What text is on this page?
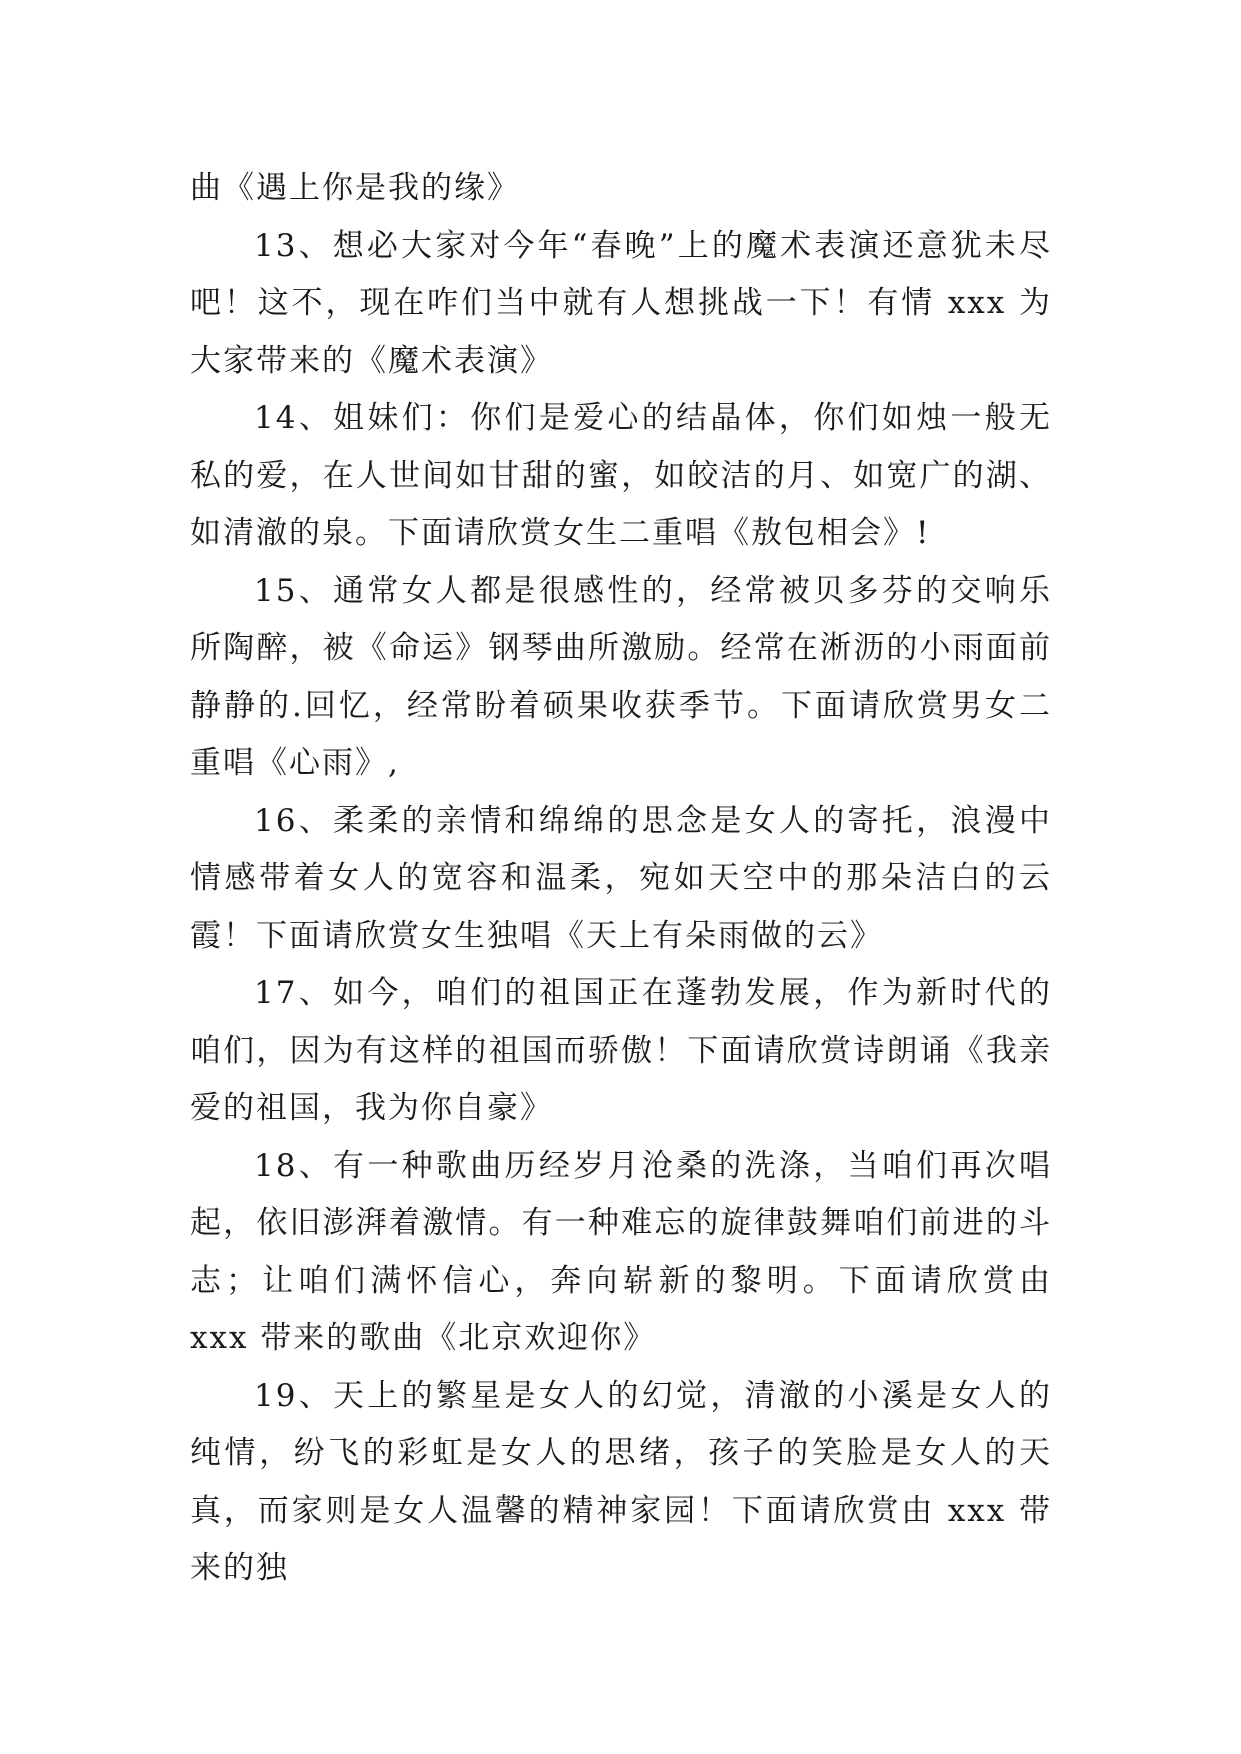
曲《遇上你是我的缘》

13、想必大家对今年“春晚”上的魔术表演还意犹未尽吧！这不，现在咋们当中就有人想挑战一下！有情 xxx 为大家带来的《魔术表演》

14、姐妹们：你们是爱心的结晶体，你们如烛一般无私的爱，在人世间如甘甜的蜜，如皎洁的月、如宽广的湖、如清澈的泉。下面请欣赏女生二重唱《敖包相会》!

15、通常女人都是很感性的，经常被贝多芬的交响乐所陶醉，被《命运》钢琴曲所激励。经常在淅沥的小雨面前静静的.回忆，经常盼着硕果收获季节。下面请欣赏男女二重唱《心雨》,

16、柔柔的亲情和绵绵的思念是女人的寄托，浪漫中情感带着女人的宽容和温柔，宛如天空中的那朵洁白的云霞！下面请欣赏女生独唱《天上有朵雨做的云》

17、如今，咱们的祖国正在蓬勃发展，作为新时代的咱们，因为有这样的祖国而骄傲！下面请欣赏诗朗诵《我亲爱的祖国，我为你自豪》

18、有一种歌曲历经岁月沧桑的洗涤，当咱们再次唱起，依旧澎湃着激情。有一种难忘的旋律鼓舞咱们前进的斗志；让咱们满怀信心，奔向崭新的黎明。下面请欣赏由 xxx 带来的歌曲《北京欢迎你》

19、天上的繁星是女人的幻觉，清澈的小溪是女人的纯情，纷飞的彩虹是女人的思绪，孩子的笑脸是女人的天真，而家则是女人温馨的精神家园！下面请欣赏由 xxx 带来的独
